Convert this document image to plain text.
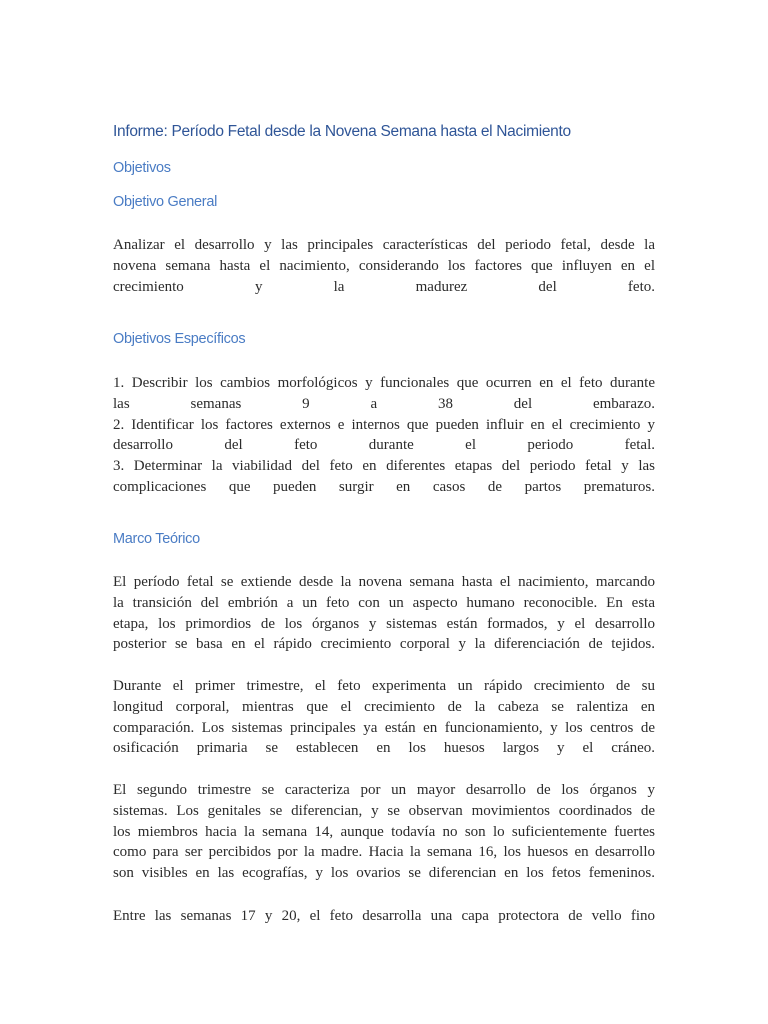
Informe: Período Fetal desde la Novena Semana hasta el Nacimiento
Objetivos
Objetivo General
Analizar el desarrollo y las principales características del periodo fetal, desde la
novena semana hasta el nacimiento, considerando los factores que influyen en el
crecimiento y la madurez del feto.
Objetivos Específicos
1. Describir los cambios morfológicos y funcionales que ocurren en el feto durante
las semanas 9 a 38 del embarazo.
2. Identificar los factores externos e internos que pueden influir en el crecimiento y
desarrollo del feto durante el periodo fetal.
3. Determinar la viabilidad del feto en diferentes etapas del periodo fetal y las
complicaciones que pueden surgir en casos de partos prematuros.
Marco Teórico
El período fetal se extiende desde la novena semana hasta el nacimiento, marcando
la transición del embrión a un feto con un aspecto humano reconocible. En esta
etapa, los primordios de los órganos y sistemas están formados, y el desarrollo
posterior se basa en el rápido crecimiento corporal y la diferenciación de tejidos.
Durante el primer trimestre, el feto experimenta un rápido crecimiento de su
longitud corporal, mientras que el crecimiento de la cabeza se ralentiza en
comparación. Los sistemas principales ya están en funcionamiento, y los centros de
osificación primaria se establecen en los huesos largos y el cráneo.
El segundo trimestre se caracteriza por un mayor desarrollo de los órganos y
sistemas. Los genitales se diferencian, y se observan movimientos coordinados de
los miembros hacia la semana 14, aunque todavía no son lo suficientemente fuertes
como para ser percibidos por la madre. Hacia la semana 16, los huesos en desarrollo
son visibles en las ecografías, y los ovarios se diferencian en los fetos femeninos.
Entre las semanas 17 y 20, el feto desarrolla una capa protectora de vello fino
